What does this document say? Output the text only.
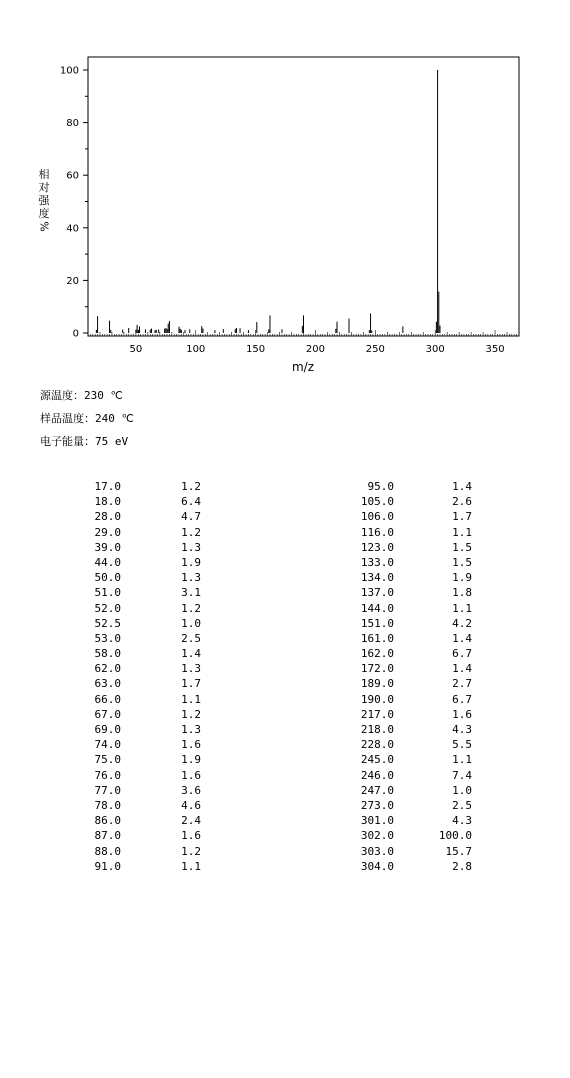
0
20
40
60
80
100
50	100	150	200	250	300	350
m/z
相
对
强
度
%
源温度：230 ℃
样品温度：240 ℃
电子能量：75 eV
17.0	1.2
18.0	6.4
28.0	4.7
29.0	1.2
39.0	1.3
44.0	1.9
50.0	1.3
51.0	3.1
52.0	1.2
52.5	1.0
53.0	2.5
58.0	1.4
62.0	1.3
63.0	1.7
66.0	1.1
67.0	1.2
69.0	1.3
74.0	1.6
75.0	1.9
76.0	1.6
77.0	3.6
78.0	4.6
86.0	2.4
87.0	1.6
88.0	1.2
91.0	1.1
95.0	1.4
105.0	2.6
106.0	1.7
116.0	1.1
123.0	1.5
133.0	1.5
134.0	1.9
137.0	1.8
144.0	1.1
151.0	4.2
161.0	1.4
162.0	6.7
172.0	1.4
189.0	2.7
190.0	6.7
217.0	1.6
218.0	4.3
228.0	5.5
245.0	1.1
246.0	7.4
247.0	1.0
273.0	2.5
301.0	4.3
302.0	100.0
303.0	15.7
304.0	2.8
